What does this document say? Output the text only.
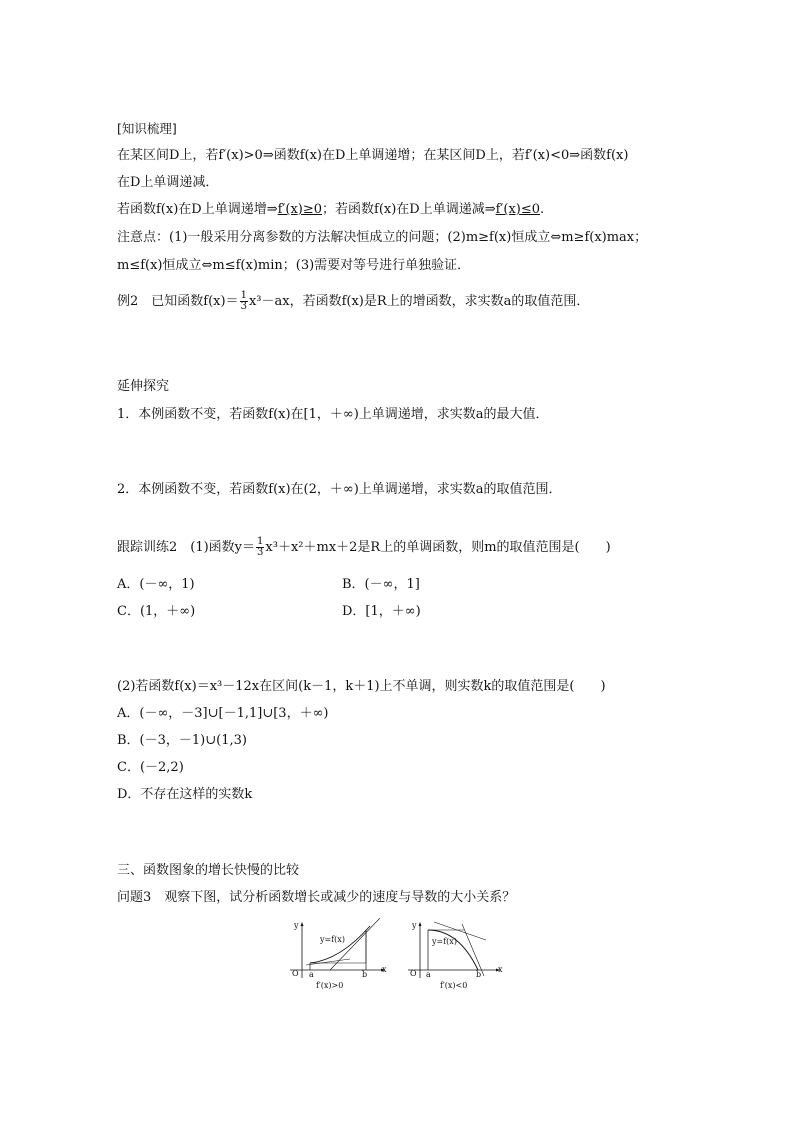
[知识梳理]
在某区间D上，若f′(x)>0⇒函数f(x)在D上单调递增；在某区间D上，若f′(x)<0⇒函数f(x)
在D上单调递减．
若函数f(x)在D上单调递增⇒f′(x)≥0；若函数f(x)在D上单调递减⇒f′(x)≤0.
注意点：(1)一般采用分离参数的方法解决恒成立的问题；(2)m≥f(x)恒成立⇔m≥f(x)max；
m≤f(x)恒成立⇔m≤f(x)min；(3)需要对等号进行单独验证．
例2　已知函数$f(x)= \frac{1}{3} x^3-ax$，若函数f(x)是R上的增函数，求实数a的取值范围．
延伸探究
1．本例函数不变，若函数f(x)在[1，＋∞)上单调递增，求实数a的最大值．
2．本例函数不变，若函数f(x)在(2，＋∞)上单调递增，求实数a的取值范围．
跟踪训练2　(1)函数$y= \frac{1}{3} x^3+x^2+mx+2$是R上的单调函数，则m的取值范围是(　　)
A．(－∞，1)	B．(－∞，1]
C．(1，＋∞)	D．[1，＋∞)
(2)若函数f(x)＝x³－12x在区间(k－1，k＋1)上不单调，则实数k的取值范围是(　　)
A．(－∞，－3]∪[－1,1]∪[3，＋∞)
B．(－3，－1)∪(1,3)
C．(－2,2)
D．不存在这样的实数k
三、函数图象的增长快慢的比较
问题3　观察下图，试分析函数增长或减少的速度与导数的大小关系？
y
y=f(x)
O a	b
x
f′(x)>0
y
y=f(x)
O a	b
x
f′(x)<0
